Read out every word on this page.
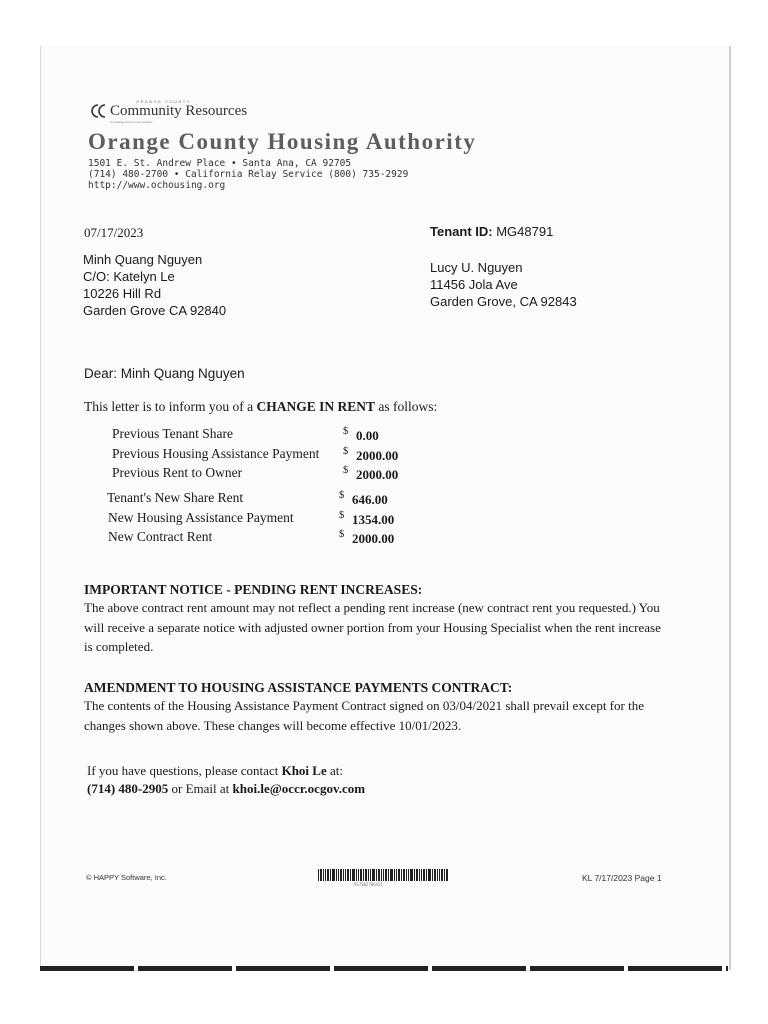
ORANGE COUNTY
Community Resources
An Intelligence for Communities
Orange County Housing Authority
1501 E. St. Andrew Place • Santa Ana, CA 92705
(714) 480-2700 • California Relay Service (800) 735-2929
http://www.ochousing.org
07/17/2023	Tenant ID: MG48791
Minh Quang Nguyen
C/O: Katelyn Le
10226 Hill Rd
Garden Grove CA 92840
Lucy U. Nguyen
11456 Jola Ave
Garden Grove, CA 92843
Dear: Minh Quang Nguyen
This letter is to inform you of a CHANGE IN RENT as follows:
Previous Tenant Share	$ 0.00
Previous Housing Assistance Payment $ 2000.00
Previous Rent to Owner	$ 2000.00
Tenant's New Share Rent	$ 646.00
New Housing Assistance Payment	$ 1354.00
New Contract Rent	$ 2000.00
IMPORTANT NOTICE - PENDING RENT INCREASES:
The above contract rent amount may not reflect a pending rent increase (new contract rent you requested.) You
will receive a separate notice with adjusted owner portion from your Housing Specialist when the rent increase
is completed.
AMENDMENT TO HOUSING ASSISTANCE PAYMENTS CONTRACT:
The contents of the Housing Assistance Payment Contract signed on 03/04/2021 shall prevail except for the
changes shown above. These changes will become effective 10/01/2023.
If you have questions, please contact Khoi Le at:
(714) 480-2905 or Email at khoi.le@occr.ocgov.com
© HAPPY Software, Inc.
VS7302786421
KL 7/17/2023 Page 1
